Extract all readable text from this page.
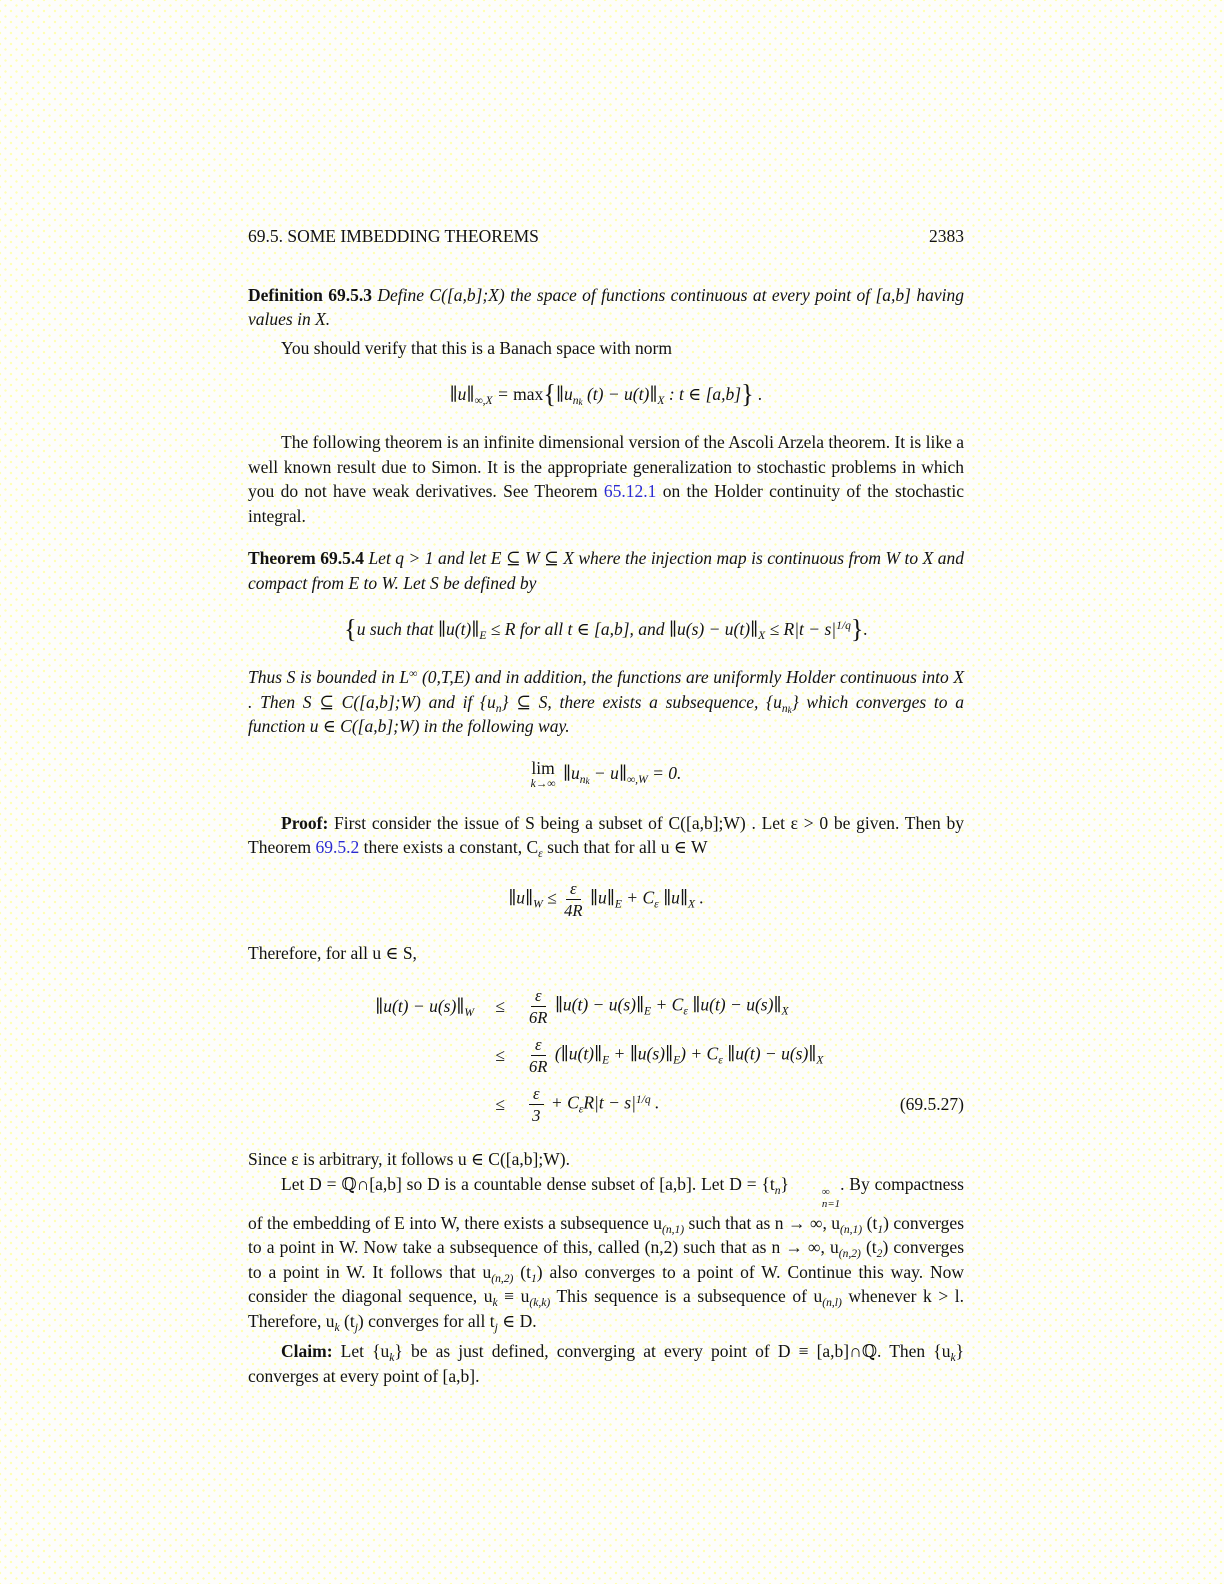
69.5. SOME IMBEDDING THEOREMS	2383

Definition 69.5.3 Define C([a,b];X) the space of functions continuous at every point of [a,b] having values in X.

You should verify that this is a Banach space with norm

$\parallel u\parallel_{\infty,X}$ = $\max\{\parallel u_{nk}$ $(t) - u(t)\parallel_X$ : t ∈ [a,b]} .

The following theorem is an infinite dimensional version of the Ascoli Arzela theorem. It is like a well known result due to Simon. It is the appropriate generalization to stochastic problems in which you do not have weak derivatives. See Theorem 65.12.1 on the Holder continuity of the stochastic integral.

Theorem 69.5.4 Let q > 1 and let E ⊆ W ⊆ X where the injection map is continuous from W to X and compact from E to W. Let S be defined by

{u such that $\parallel u(t)\parallel_E \le R$ for all t ∈ [a,b], and ∥u(s) − $u(t)\parallel_X \le R|t - s|^{1/q}$}.

Thus S is bounded in L∞ (0,T,E) and in addition, the functions are uniformly Holder continuous into X . Then S ⊆ C([a,b];W) and if $\{u_n\}$ ⊆ S, there exists a subsequence, $\{u_{nk}\}$ which converges to a function u ∈ C([a,b];W) in the following way.

lim
k→∞
$\parallel u_{nk}$ − $u\parallel_{\infty,W} = 0$.

Proof: First consider the issue of S being a subset of C([a,b];W) . Let ε > 0 be given. Then by Theorem 69.5.2 there exists a constant, $C_\varepsilon$ such that for all u ∈ W

$\parallel u\parallel_W \le \frac{\varepsilon}{4R}$ $\parallel u\parallel_E + C_\varepsilon$ $\parallel u\parallel_X$ .

Therefore, for all u ∈ S,

∥u(t) − $u(s)\parallel_W$	≤	$\frac{\varepsilon}{6R}$ ∥u(t) − $u(s)\parallel_E + C_\varepsilon$ ∥u(t) − $u(s)\parallel_X$
≤	$\frac{\varepsilon}{6R}$ ($\parallel u(t)\parallel_E$ + $\parallel u(s)\parallel_E) + C_\varepsilon$ ∥u(t) − $u(s)\parallel_X$
≤	$\frac{\varepsilon}{3} + C_\varepsilon R|t - s|^{1/q}$ .	(69.5.27)

Since ε is arbitrary, it follows u ∈ C([a,b];W).

Let D = ℚ∩[a,b] so D is a countable dense subset of [a,b]. Let $D = \{t_n\}$	∞
n=1
. By compactness of the embedding of E into W, there exists a subsequence $u_{(n,1)}$ such that as n → ∞, $u_{(n,1)}$ $(t_1)$ converges to a point in W. Now take a subsequence of this, called (n,2) such that as n → ∞, $u_{(n,2)}$ $(t_2)$ converges to a point in W. It follows that $u_{(n,2)}$ $(t_1)$ also converges to a point of W. Continue this way. Now consider the diagonal sequence, $u_k \equiv u_{(k,k)}$ This sequence is a subsequence of $u_{(n,l)}$ whenever k > l. Therefore, $u_k$ $(t_j)$ converges for all $t_j$ ∈ D.

Claim: Let $\{u_k\}$ be as just defined, converging at every point of D ≡ [a,b]∩ℚ. Then $\{u_k\}$ converges at every point of [a,b].
